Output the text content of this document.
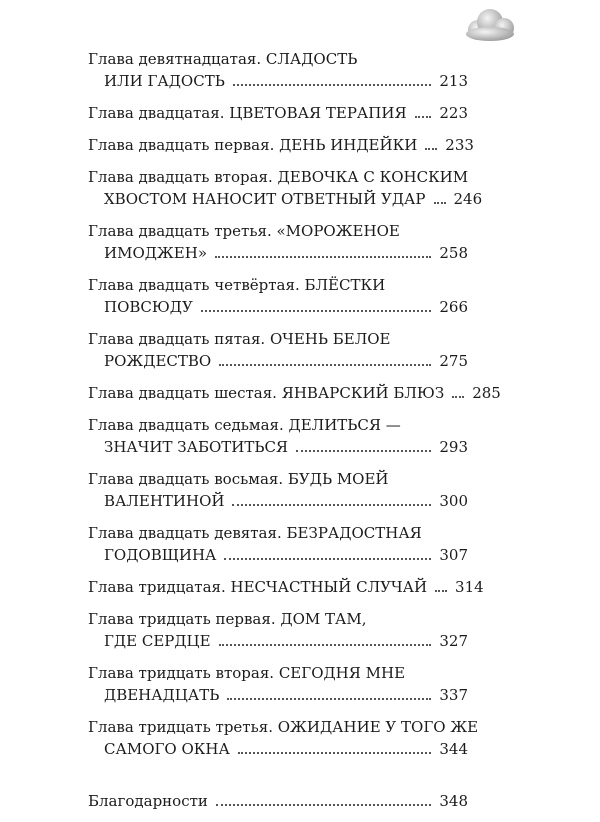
Глава девятнадцатая. СЛАДОСТЬ
ИЛИ ГАДОСТЬ	213
Глава двадцатая. ЦВЕТОВАЯ ТЕРАПИЯ 223
Глава двадцать первая. ДЕНЬ ИНДЕЙКИ 233
Глава двадцать вторая. ДЕВОЧКА С КОНСКИМ
ХВОСТОМ НАНОСИТ ОТВЕТНЫЙ УДАР 246
Глава двадцать третья. «МОРОЖЕНОЕ
ИМОДЖЕН»	258
Глава двадцать четвёртая. БЛЁСТКИ
ПОВСЮДУ	266
Глава двадцать пятая. ОЧЕНЬ БЕЛОЕ
РОЖДЕСТВО	275
Глава двадцать шестая. ЯНВАРСКИЙ БЛЮЗ 285
Глава двадцать седьмая. ДЕЛИТЬСЯ —
ЗНАЧИТ ЗАБОТИТЬСЯ	293
Глава двадцать восьмая. БУДЬ МОЕЙ
ВАЛЕНТИНОЙ	300
Глава двадцать девятая. БЕЗРАДОСТНАЯ
ГОДОВЩИНА	307
Глава тридцатая. НЕСЧАСТНЫЙ СЛУЧАЙ 314
Глава тридцать первая. ДОМ ТАМ,
ГДЕ СЕРДЦЕ	327
Глава тридцать вторая. СЕГОДНЯ МНЕ
ДВЕНАДЦАТЬ	337
Глава тридцать третья. ОЖИДАНИЕ У ТОГО ЖЕ
САМОГО ОКНА	344
Благодарности	348
